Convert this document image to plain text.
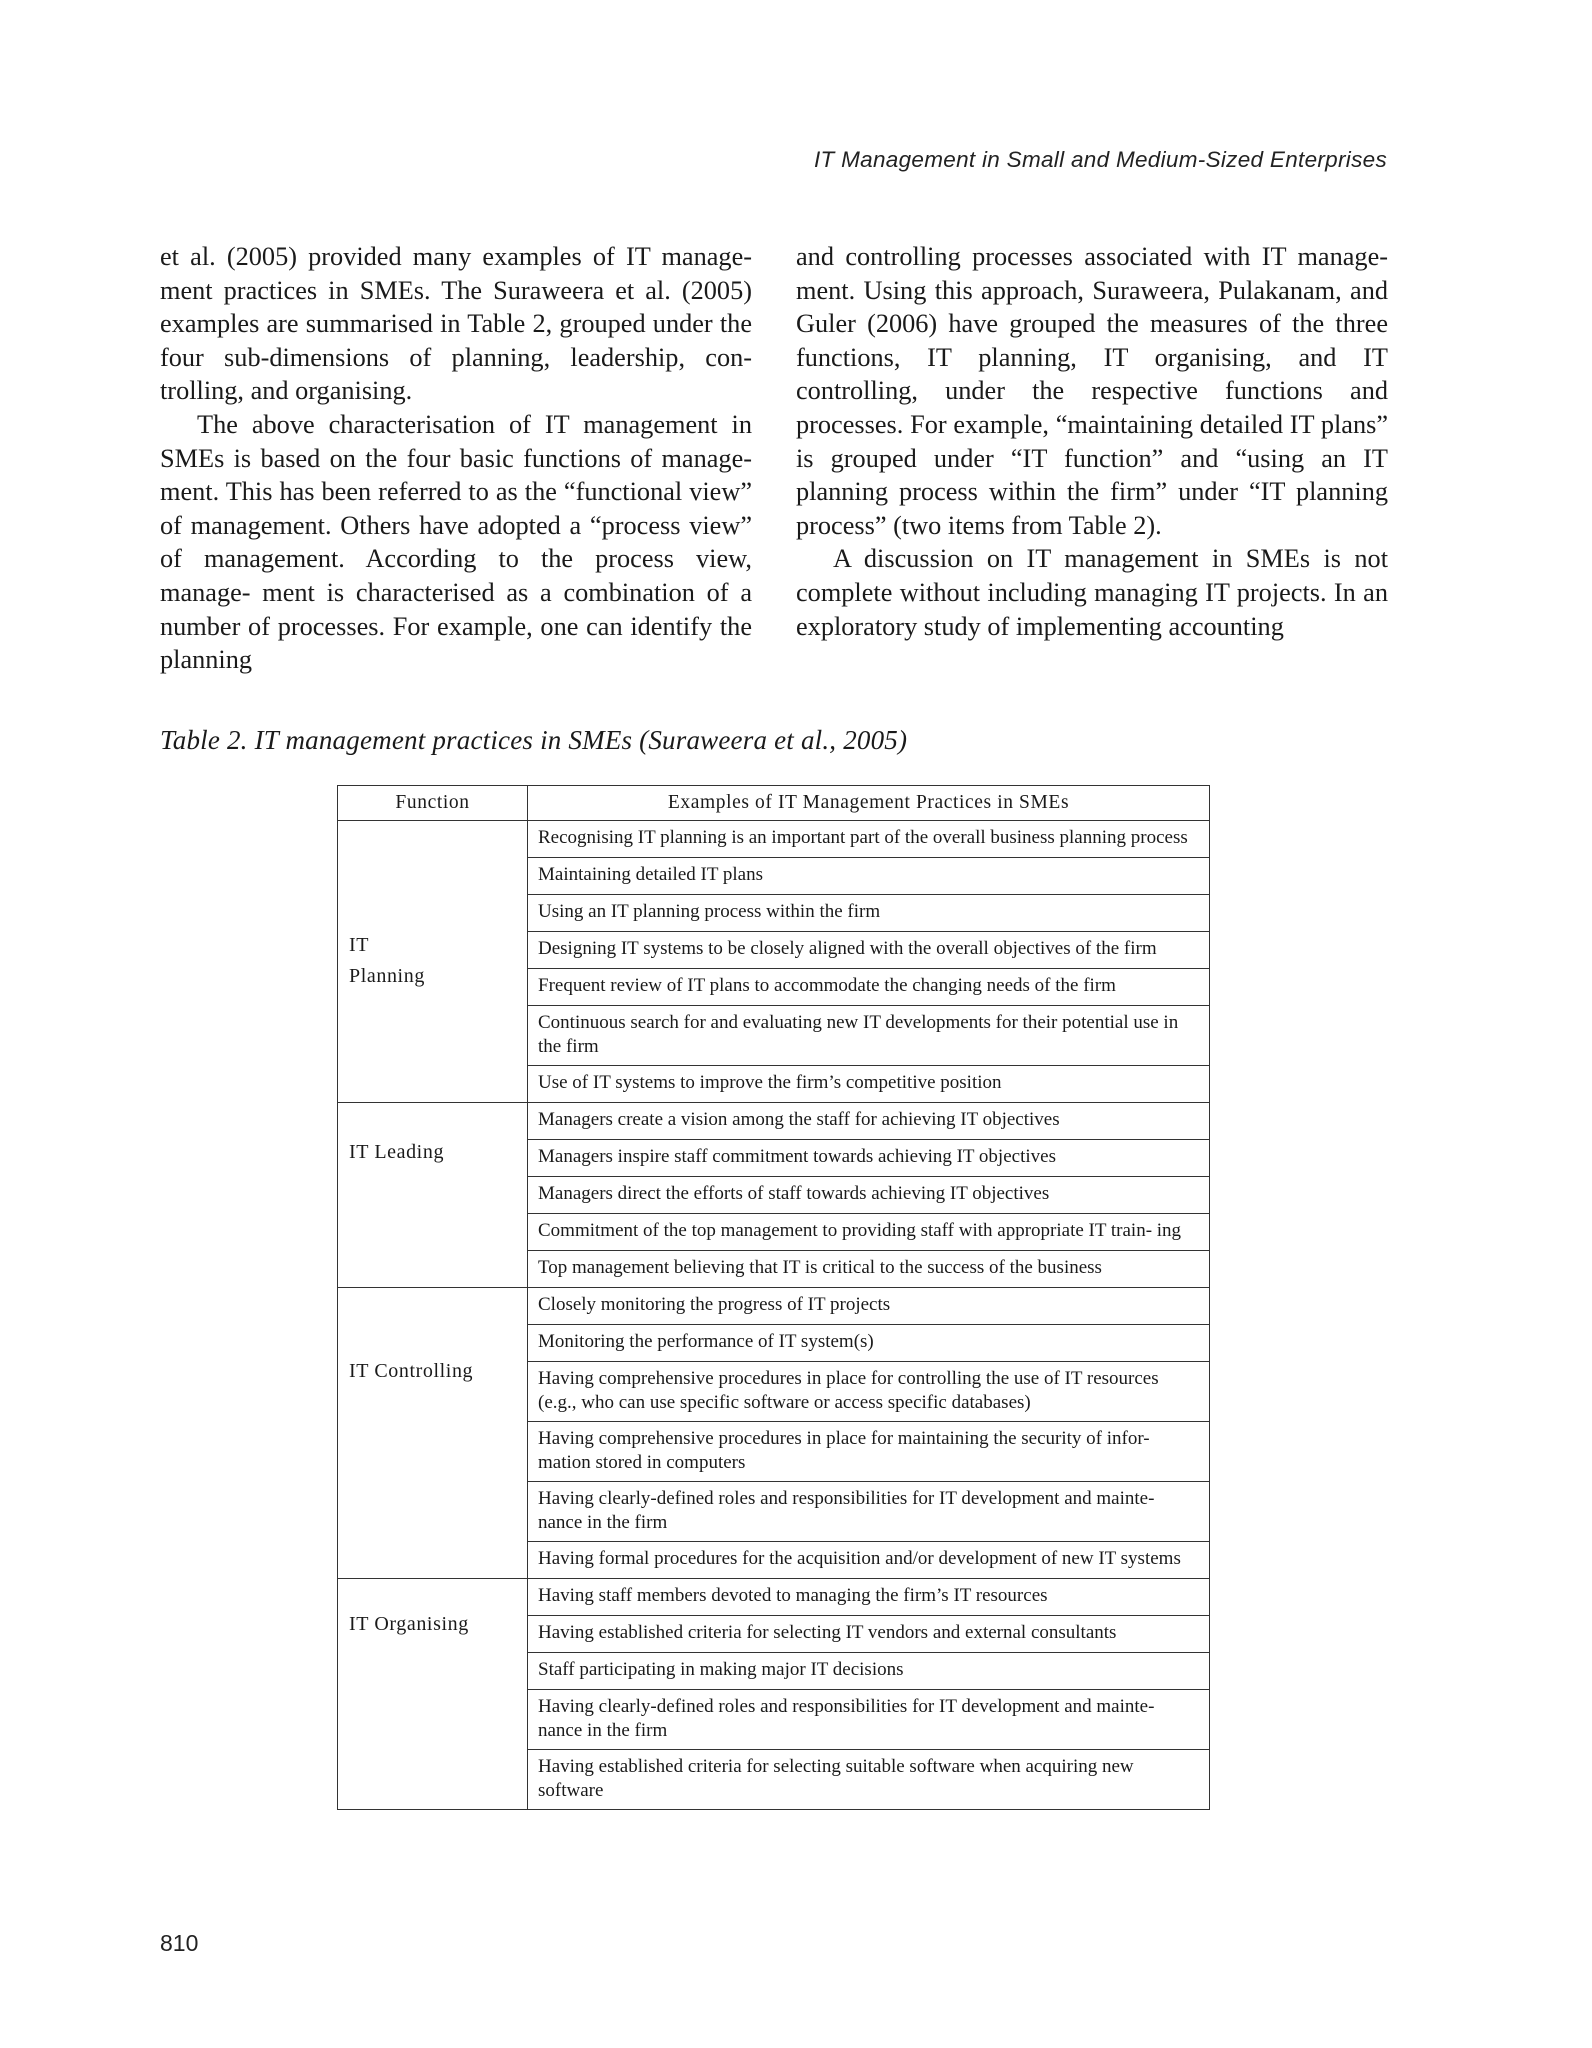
IT Management in Small and Medium-Sized Enterprises

et al. (2005) provided many examples of IT manage- ment practices in SMEs. The Suraweera et al. (2005) examples are summarised in Table 2, grouped under the four sub-dimensions of planning, leadership, con- trolling, and organising.

The above characterisation of IT management in SMEs is based on the four basic functions of manage- ment. This has been referred to as the “functional view” of management. Others have adopted a “process view” of management. According to the process view, manage- ment is characterised as a combination of a number of processes. For example, one can identify the planning

and controlling processes associated with IT manage- ment. Using this approach, Suraweera, Pulakanam, and Guler (2006) have grouped the measures of the three functions, IT planning, IT organising, and IT controlling, under the respective functions and processes. For example, “maintaining detailed IT plans” is grouped under “IT function” and “using an IT planning process within the firm” under “IT planning process” (two items from Table 2).

A discussion on IT management in SMEs is not complete without including managing IT projects. In an exploratory study of implementing accounting

Table 2. IT management practices in SMEs (Suraweera et al., 2005)
Function	Examples of IT Management Practices in SMEs
IT
Planning	Recognising IT planning is an important part of the overall business planning process
	Maintaining detailed IT plans
	Using an IT planning process within the firm
	Designing IT systems to be closely aligned with the overall objectives of the firm
	Frequent review of IT plans to accommodate the changing needs of the firm
	Continuous search for and evaluating new IT developments for their potential use in the firm
	Use of IT systems to improve the firm’s competitive position
IT Leading	Managers create a vision among the staff for achieving IT objectives
	Managers inspire staff commitment towards achieving IT objectives
	Managers direct the efforts of staff towards achieving IT objectives
	Commitment of the top management to providing staff with appropriate IT train- ing
	Top management believing that IT is critical to the success of the business
IT Controlling	Closely monitoring the progress of IT projects
	Monitoring the performance of IT system(s)
	Having comprehensive procedures in place for controlling the use of IT resources (e.g., who can use specific software or access specific databases)
	Having comprehensive procedures in place for maintaining the security of infor- mation stored in computers
	Having clearly-defined roles and responsibilities for IT development and mainte- nance in the firm
	Having formal procedures for the acquisition and/or development of new IT systems
IT Organising	Having staff members devoted to managing the firm’s IT resources
	Having established criteria for selecting IT vendors and external consultants
	Staff participating in making major IT decisions
	Having clearly-defined roles and responsibilities for IT development and mainte- nance in the firm
	Having established criteria for selecting suitable software when acquiring new software
810
